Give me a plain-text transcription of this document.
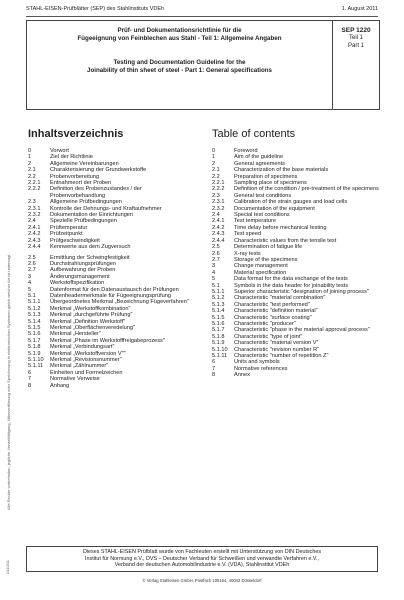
Alle Rechte vorbehalten, jegliche Vervielfältigung, Mikroverfilmung oder Speicherung in elektronischen Systemen gleich welcher Art ist untersagt.
1410/11
STAHL-EISEN-Prüfblätter (SEP) des Stahlinstituts VDEh	1. August 2011
Prüf- und Dokumentationsrichtlinie für die
Fügeeignung von Feinblechen aus Stahl - Teil 1: Allgemeine Angaben
Testing and Documentation Guideline for the
Joinability of thin sheet of steel - Part 1: General specifications
SEP 1220
Teil 1
Part 1
Inhaltsverzeichnis
0	Vorwort
1	Ziel der Richtlinie
2	Allgemeine Vereinbarungen
2.1	Charakterisierung der Grundwerkstoffe
2.2	Probenvorbereitung
2.2.1	Entnahmeort der Proben
2.2.2	Definition des Probenzustandes / der Probenvorbehandlung
2.3	Allgemeine Prüfbedingungen
2.3.1	Kontrolle der Dehnungs- und Kraftaufnehmer
2.3.2	Dokumentation der Einrichtungen
2.4	Spezielle Prüfbedingungen
2.4.1	Prüftemperatur
2.4.2	Prüfzeitpunkt
2.4.3	Prüfgeschwindigkeit
2.4.4	Kennwerte aus dem Zugversuch
2.5	Ermittlung der Schwingfestigkeit
2.6	Durchstrahlungsprüfungen
2.7	Aufbewahrung der Proben
3	Änderungsmanagement
4	Werkstoffspezifikation
5	Datenformat für den Datenaustausch der Prüfungen
5.1	Datenheadermerkmale für Fügeeignungsprüfung
5.1.1	Übergeordnetes Merkmal „Bezeichnung Fügeverfahren"
5.1.2	Merkmal „Werkstoffkombination"
5.1.3	Merkmal „durchgeführte Prüfung"
5.1.4	Merkmal „Definition Werkstoff"
5.1.5	Merkmal „Oberflächenveredelung"
5.1.6	Merkmal „Hersteller"
5.1.7	Merkmal „Phase im Werkstofffreigabeprozess"
5.1.8	Merkmal „Verbindungsart"
5.1.9	Merkmal „Werkstoffversion V""
5.1.10	Merkmal „Revisionsnummer"
5.1.11	Merkmal „Zählnummer"
6	Einheiten und Formelzeichen
7	Normative Verweise
8	Anhang
Table of contents
0	Foreword
1	Aim of the guideline
2	General agreements
2.1	Characterization of the base materials
2.2	Preparation of specimens
2.2.1	Sampling place of specimens
2.2.2	Definition of the condition / pre-treatment of the specimens
2.3	General test conditions
2.3.1	Calibration of the strain gauges and load cells
2.3.2	Documentation of the equipment
2.4	Special test conditions
2.4.1	Test temperature
2.4.2	Time delay before mechanical testing
2.4.3	Test speed
2.4.4	Characteristic values from the tensile test
2.5	Determination of fatigue life
2.6	X-ray tests
2.7	Storage of the specimens
3	Change management
4	Material specification
5	Data format for the data exchange of the tests
5.1	Symbols in the data header for joinability tests
5.1.1	Superior characteristic "designation of joining process"
5.1.2	Characteristic "material combination"
5.1.3	Characteristic "test performed"
5.1.4	Characteristic "definition material"
5.1.5	Characteristic "surface coating"
5.1.6	Characteristic "producer"
5.1.7	Characteristic "phase in the material approval process"
5.1.8	Characteristic "type of joint"
5.1.9	Characteristic "material version V"
5.1.10	Characteristic "revision number R"
5.1.11	Characteristic "number of repetition Z"
6	Units and symbols
7	Normative references
8	Annex
Dieses STAHL-EISEN Prüfblatt wurde von Fachleuten erstellt mit Unterstützung von DIN Deutsches
Institut für Normung e.V., DVS – Deutscher Verband für Schweißen und verwandte Verfahren e.V.,
Verband der deutschen Automobilindustrie e.V. (VDA), Stahlinstitut VDEh
© Verlag Stahleisen GmbH, Postfach 105164, 40042 Düsseldorf
